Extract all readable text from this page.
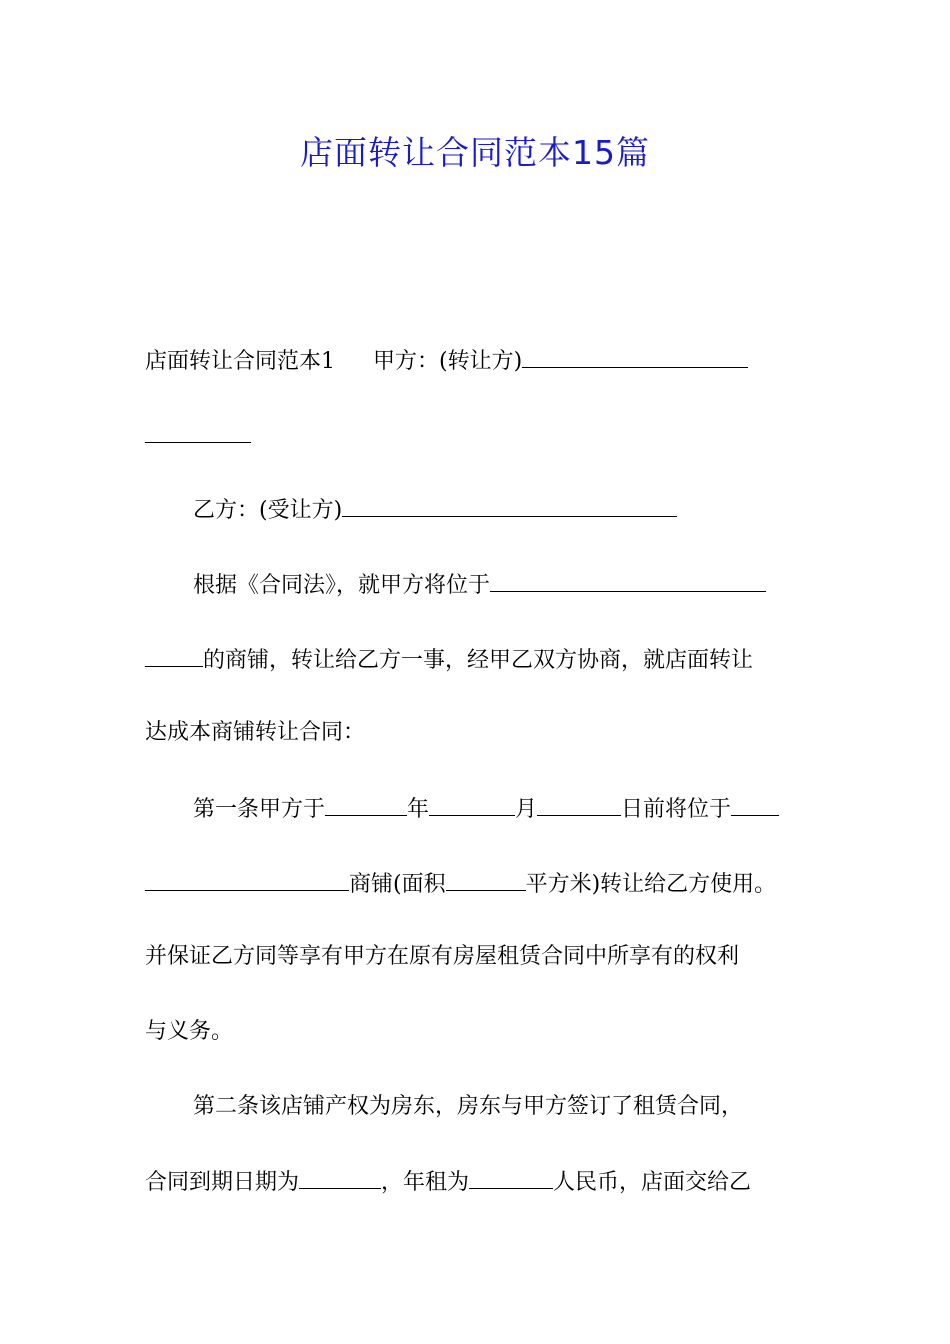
店面转让合同范本15篇
店面转让合同范本1 甲方：(转让方)
乙方：(受让方)
根据《合同法》，就甲方将位于
的商铺，转让给乙方一事，经甲乙双方协商，就店面转让
达成本商铺转让合同：
第一条甲方于	年	月	日前将位于
商铺(面积	平方米)转让给乙方使用。
并保证乙方同等享有甲方在原有房屋租赁合同中所享有的权利
与义务。
第二条该店铺产权为房东，房东与甲方签订了租赁合同，
合同到期日期为	，年租为	人民币，店面交给乙
